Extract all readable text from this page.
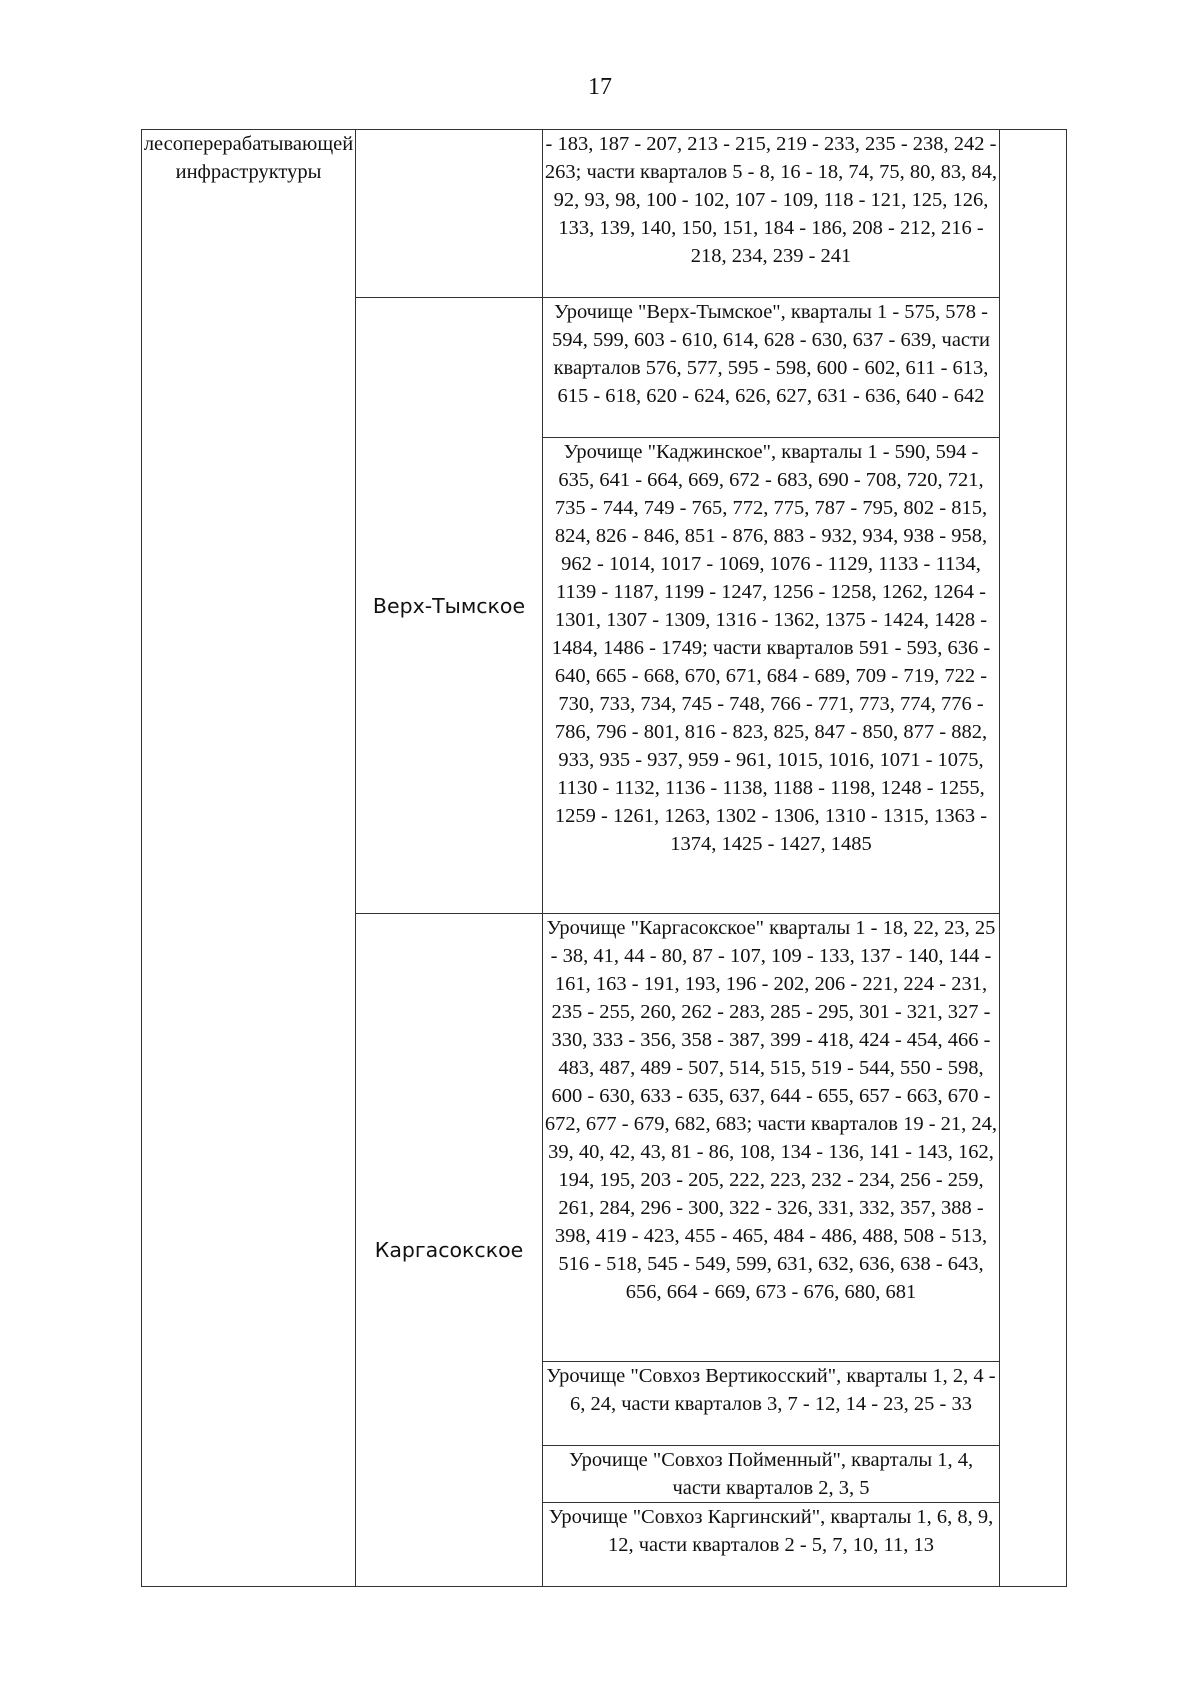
17
лесоперерабатывающей инфраструктуры		- 183, 187 - 207, 213 - 215, 219 - 233, 235 - 238, 242 - 263; части кварталов 5 - 8, 16 - 18, 74, 75, 80, 83, 84, 92, 93, 98, 100 - 102, 107 - 109, 118 - 121, 125, 126, 133, 139, 140, 150, 151, 184 - 186, 208 - 212, 216 - 218, 234, 239 - 241	
	Верх-Тымское	Урочище "Верх-Тымское", кварталы 1 - 575, 578 - 594, 599, 603 - 610, 614, 628 - 630, 637 - 639, части кварталов 576, 577, 595 - 598, 600 - 602, 611 - 613, 615 - 618, 620 - 624, 626, 627, 631 - 636, 640 - 642	
		Урочище "Каджинское", кварталы 1 - 590, 594 - 635, 641 - 664, 669, 672 - 683, 690 - 708, 720, 721, 735 - 744, 749 - 765, 772, 775, 787 - 795, 802 - 815, 824, 826 - 846, 851 - 876, 883 - 932, 934, 938 - 958, 962 - 1014, 1017 - 1069, 1076 - 1129, 1133 - 1134, 1139 - 1187, 1199 - 1247, 1256 - 1258, 1262, 1264 - 1301, 1307 - 1309, 1316 - 1362, 1375 - 1424, 1428 - 1484, 1486 - 1749; части кварталов 591 - 593, 636 - 640, 665 - 668, 670, 671, 684 - 689, 709 - 719, 722 - 730, 733, 734, 745 - 748, 766 - 771, 773, 774, 776 - 786, 796 - 801, 816 - 823, 825, 847 - 850, 877 - 882, 933, 935 - 937, 959 - 961, 1015, 1016, 1071 - 1075, 1130 - 1132, 1136 - 1138, 1188 - 1198, 1248 - 1255, 1259 - 1261, 1263, 1302 - 1306, 1310 - 1315, 1363 - 1374, 1425 - 1427, 1485	
	Каргасокское	Урочище "Каргасокское" кварталы 1 - 18, 22, 23, 25 - 38, 41, 44 - 80, 87 - 107, 109 - 133, 137 - 140, 144 - 161, 163 - 191, 193, 196 - 202, 206 - 221, 224 - 231, 235 - 255, 260, 262 - 283, 285 - 295, 301 - 321, 327 - 330, 333 - 356, 358 - 387, 399 - 418, 424 - 454, 466 - 483, 487, 489 - 507, 514, 515, 519 - 544, 550 - 598, 600 - 630, 633 - 635, 637, 644 - 655, 657 - 663, 670 - 672, 677 - 679, 682, 683; части кварталов 19 - 21, 24, 39, 40, 42, 43, 81 - 86, 108, 134 - 136, 141 - 143, 162, 194, 195, 203 - 205, 222, 223, 232 - 234, 256 - 259, 261, 284, 296 - 300, 322 - 326, 331, 332, 357, 388 - 398, 419 - 423, 455 - 465, 484 - 486, 488, 508 - 513, 516 - 518, 545 - 549, 599, 631, 632, 636, 638 - 643, 656, 664 - 669, 673 - 676, 680, 681	
		Урочище "Совхоз Вертикосский", кварталы 1, 2, 4 - 6, 24, части кварталов 3, 7 - 12, 14 - 23, 25 - 33	
		Урочище "Совхоз Пойменный", кварталы 1, 4, части кварталов 2, 3, 5	
		Урочище "Совхоз Каргинский", кварталы 1, 6, 8, 9, 12, части кварталов 2 - 5, 7, 10, 11, 13	
